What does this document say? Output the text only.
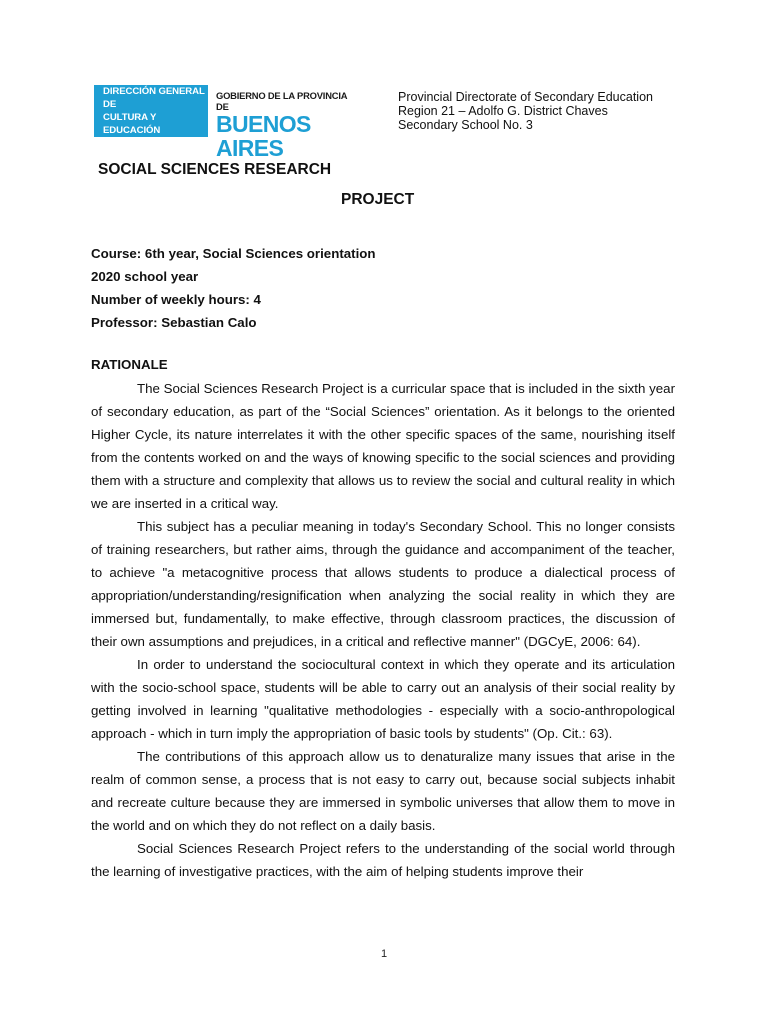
DIRECCIÓN GENERAL DE
CULTURA Y EDUCACIÓN
GOBIERNO DE LA PROVINCIA DE
BUENOS AIRES
Provincial Directorate of Secondary Education
Region 21 – Adolfo G. District Chaves
Secondary School No. 3
SOCIAL SCIENCES RESEARCH
PROJECT
Course: 6th year, Social Sciences orientation
2020 school year
Number of weekly hours: 4
Professor: Sebastian Calo
RATIONALE

The Social Sciences Research Project is a curricular space that is included in the sixth year of secondary education, as part of the “Social Sciences” orientation. As it belongs to the oriented Higher Cycle, its nature interrelates it with the other specific spaces of the same, nourishing itself from the contents worked on and the ways of knowing specific to the social sciences and providing them with a structure and complexity that allows us to review the social and cultural reality in which we are inserted in a critical way.

This subject has a peculiar meaning in today's Secondary School. This no longer consists of training researchers, but rather aims, through the guidance and accompaniment of the teacher, to achieve "a metacognitive process that allows students to produce a dialectical process of appropriation/understanding/resignification when analyzing the social reality in which they are immersed but, fundamentally, to make effective, through classroom practices, the discussion of their own assumptions and prejudices, in a critical and reflective manner" (DGCyE, 2006: 64).

In order to understand the sociocultural context in which they operate and its articulation with the socio-school space, students will be able to carry out an analysis of their social reality by getting involved in learning "qualitative methodologies - especially with a socio-anthropological approach - which in turn imply the appropriation of basic tools by students" (Op. Cit.: 63).

The contributions of this approach allow us to denaturalize many issues that arise in the realm of common sense, a process that is not easy to carry out, because social subjects inhabit and recreate culture because they are immersed in symbolic universes that allow them to move in the world and on which they do not reflect on a daily basis.

Social Sciences Research Project refers to the understanding of the social world through the learning of investigative practices, with the aim of helping students improve their

1
